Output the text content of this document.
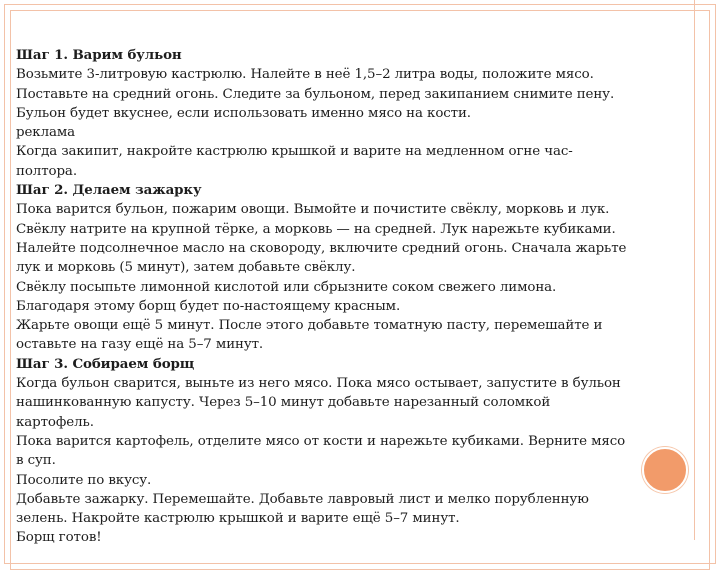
Шаг 1. Варим бульон
Возьмите 3-литровую кастрюлю. Налейте в неё 1,5–2 литра воды, положите мясо.
Поставьте на средний огонь. Следите за бульоном, перед закипанием снимите пену.
Бульон будет вкуснее, если использовать именно мясо на кости.
реклама
Когда закипит, накройте кастрюлю крышкой и варите на медленном огне час-
полтора.
Шаг 2. Делаем зажарку
Пока варится бульон, пожарим овощи. Вымойте и почистите свёклу, морковь и лук.
Свёклу натрите на крупной тёрке, а морковь — на средней. Лук нарежьте кубиками.
Налейте подсолнечное масло на сковороду, включите средний огонь. Сначала жарьте
лук и морковь (5 минут), затем добавьте свёклу.
Свёклу посыпьте лимонной кислотой или сбрызните соком свежего лимона.
Благодаря этому борщ будет по-настоящему красным.
Жарьте овощи ещё 5 минут. После этого добавьте томатную пасту, перемешайте и
оставьте на газу ещё на 5–7 минут.
Шаг 3. Собираем борщ
Когда бульон сварится, выньте из него мясо. Пока мясо остывает, запустите в бульон
нашинкованную капусту. Через 5–10 минут добавьте нарезанный соломкой
картофель.
Пока варится картофель, отделите мясо от кости и нарежьте кубиками. Верните мясо
в суп.
Посолите по вкусу.
Добавьте зажарку. Перемешайте. Добавьте лавровый лист и мелко порубленную
зелень. Накройте кастрюлю крышкой и варите ещё 5–7 минут.
Борщ готов!
